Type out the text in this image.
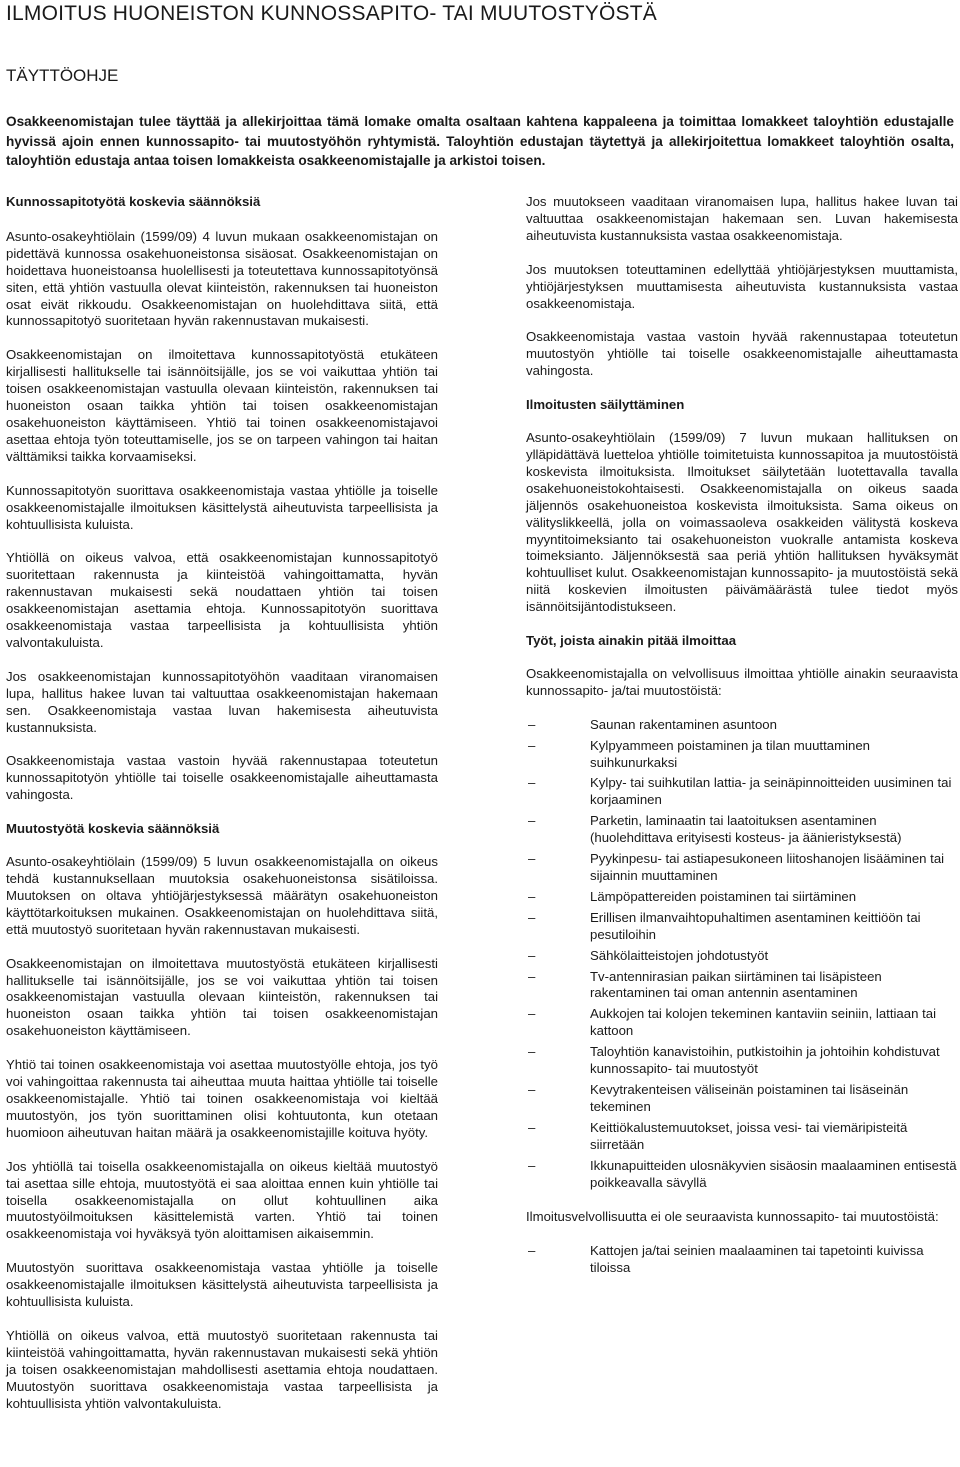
ILMOITUS HUONEISTON KUNNOSSAPITO- TAI MUUTOSTYÖSTÄ
TÄYTTÖOHJE

Osakkeenomistajan tulee täyttää ja allekirjoittaa tämä lomake omalta osaltaan kahtena kappaleena ja toimittaa lomakkeet taloyhtiön edustajalle hyvissä ajoin ennen kunnossapito- tai muutostyöhön ryhtymistä. Taloyhtiön edustajan täytettyä ja allekirjoitettua lomakkeet taloyhtiön osalta, taloyhtiön edustaja antaa toisen lomakkeista osakkeenomistajalle ja arkistoi toisen.

Kunnossapitotyötä koskevia säännöksiä

Asunto-osakeyhtiölain (1599/09) 4 luvun mukaan osakkeenomistajan on pidettävä kunnossa osakehuoneistonsa sisäosat. Osakkeenomistajan on hoidettava huoneistoansa huolellisesti ja toteutettava kunnossapitotyönsä siten, että yhtiön vastuulla olevat kiinteistön, rakennuksen tai huoneiston osat eivät rikkoudu. Osakkeenomistajan on huolehdittava siitä, että kunnossapitotyö suoritetaan hyvän rakennustavan mukaisesti.

Osakkeenomistajan on ilmoitettava kunnossapitotyöstä etukäteen kirjallisesti hallitukselle tai isännöitsijälle, jos se voi vaikuttaa yhtiön tai toisen osakkeenomistajan vastuulla olevaan kiinteistön, rakennuksen tai huoneiston osaan taikka yhtiön tai toisen osakkeenomistajan osakehuoneiston käyttämiseen. Yhtiö tai toinen osakkeenomistajavoi asettaa ehtoja työn toteuttamiselle, jos se on tarpeen vahingon tai haitan välttämiksi taikka korvaamiseksi.

Kunnossapitotyön suorittava osakkeenomistaja vastaa yhtiölle ja toiselle osakkeenomistajalle ilmoituksen käsittelystä aiheutuvista tarpeellisista ja kohtuullisista kuluista.

Yhtiöllä on oikeus valvoa, että osakkeenomistajan kunnossapitotyö suoritettaan rakennusta ja kiinteistöä vahingoittamatta, hyvän rakennustavan mukaisesti sekä noudattaen yhtiön tai toisen osakkeenomistajan asettamia ehtoja. Kunnossapitotyön suorittava osakkeenomistaja vastaa tarpeellisista ja kohtuullisista yhtiön valvontakuluista.

Jos osakkeenomistajan kunnossapitotyöhön vaaditaan viranomaisen lupa, hallitus hakee luvan tai valtuuttaa osakkeenomistajan hakemaan sen. Osakkeenomistaja vastaa luvan hakemisesta aiheutuvista kustannuksista.

Osakkeenomistaja vastaa vastoin hyvää rakennustapaa toteutetun kunnossapitotyön yhtiölle tai toiselle osakkeenomistajalle aiheuttamasta vahingosta.

Muutostyötä koskevia säännöksiä

Asunto-osakeyhtiölain (1599/09) 5 luvun osakkeenomistajalla on oikeus tehdä kustannuksellaan muutoksia osakehuoneistonsa sisätiloissa. Muutoksen on oltava yhtiöjärjestyksessä määrätyn osakehuoneiston käyttötarkoituksen mukainen. Osakkeenomistajan on huolehdittava siitä, että muutostyö suoritetaan hyvän rakennustavan mukaisesti.

Osakkeenomistajan on ilmoitettava muutostyöstä etukäteen kirjallisesti hallitukselle tai isännöitsijälle, jos se voi vaikuttaa yhtiön tai toisen osakkeenomistajan vastuulla olevaan kiinteistön, rakennuksen tai huoneiston osaan taikka yhtiön tai toisen osakkeenomistajan osakehuoneiston käyttämiseen.

Yhtiö tai toinen osakkeenomistaja voi asettaa muutostyölle ehtoja, jos työ voi vahingoittaa rakennusta tai aiheuttaa muuta haittaa yhtiölle tai toiselle osakkeenomistajalle. Yhtiö tai toinen osakkeenomistaja voi kieltää muutostyön, jos työn suorittaminen olisi kohtuutonta, kun otetaan huomioon aiheutuvan haitan määrä ja osakkeenomistajille koituva hyöty.

Jos yhtiöllä tai toisella osakkeenomistajalla on oikeus kieltää muutostyö tai asettaa sille ehtoja, muutostyötä ei saa aloittaa ennen kuin yhtiölle tai toisella osakkeenomistajalla on ollut kohtuullinen aika muutostyöilmoituksen käsittelemistä varten. Yhtiö tai toinen osakkeenomistaja voi hyväksyä työn aloittamisen aikaisemmin.

Muutostyön suorittava osakkeenomistaja vastaa yhtiölle ja toiselle osakkeenomistajalle ilmoituksen käsittelystä aiheutuvista tarpeellisista ja kohtuullisista kuluista.

Yhtiöllä on oikeus valvoa, että muutostyö suoritetaan rakennusta tai kiinteistöä vahingoittamatta, hyvän rakennustavan mukaisesti sekä yhtiön ja toisen osakkeenomistajan mahdollisesti asettamia ehtoja noudattaen. Muutostyön suorittava osakkeenomistaja vastaa tarpeellisista ja kohtuullisista yhtiön valvontakuluista.

Jos muutokseen vaaditaan viranomaisen lupa, hallitus hakee luvan tai valtuuttaa osakkeenomistajan hakemaan sen. Luvan hakemisesta aiheutuvista kustannuksista vastaa osakkeenomistaja.

Jos muutoksen toteuttaminen edellyttää yhtiöjärjestyksen muuttamista, yhtiöjärjestyksen muuttamisesta aiheutuvista kustannuksista vastaa osakkeenomistaja.

Osakkeenomistaja vastaa vastoin hyvää rakennustapaa toteutetun muutostyön yhtiölle tai toiselle osakkeenomistajalle aiheuttamasta vahingosta.

Ilmoitusten säilyttäminen

Asunto-osakeyhtiölain (1599/09) 7 luvun mukaan hallituksen on ylläpidättävä luetteloa yhtiölle toimitetuista kunnossapitoa ja muutostöistä koskevista ilmoituksista. Ilmoitukset säilytetään luotettavalla tavalla osakehuoneistokohtaisesti. Osakkeenomistajalla on oikeus saada jäljennös osakehuoneistoa koskevista ilmoituksista. Sama oikeus on välityslikkeellä, jolla on voimassaoleva osakkeiden välitystä koskeva myyntitoimeksianto tai osakehuoneiston vuokralle antamista koskeva toimeksianto. Jäljennöksestä saa periä yhtiön hallituksen hyväksymät kohtuulliset kulut. Osakkeenomistajan kunnossapito- ja muutostöistä sekä niitä koskevien ilmoitusten päivämäärästä tulee tiedot myös isännöitsijäntodistukseen.

Työt, joista ainakin pitää ilmoittaa

Osakkeenomistajalla on velvollisuus ilmoittaa yhtiölle ainakin seuraavista kunnossapito- ja/tai muutostöistä:

– Saunan rakentaminen asuntoon
– Kylpyammeen poistaminen ja tilan muuttaminen suihkunurkaksi
– Kylpy- tai suihkutilan lattia- ja seinäpinnoitteiden uusiminen tai korjaaminen
– Parketin, laminaatin tai laatoituksen asentaminen (huolehdittava erityisesti kosteus- ja äänieristyksestä)
– Pyykinpesu- tai astiapesukoneen liitoshanojen lisääminen tai sijainnin muuttaminen
– Lämpöpattereiden poistaminen tai siirtäminen
– Erillisen ilmanvaihtopuhaltimen asentaminen keittiöön tai pesutiloihin
– Sähkölaitteistojen johdotustyöt
– Tv-antennirasian paikan siirtäminen tai lisäpisteen rakentaminen tai oman antennin asentaminen
– Aukkojen tai kolojen tekeminen kantaviin seiniin, lattiaan tai kattoon
– Taloyhtiön kanavistoihin, putkistoihin ja johtoihin kohdistuvat kunnossapito- tai muutostyöt
– Kevytrakenteisen väliseinän poistaminen tai lisäseinän tekeminen
– Keittiökalustemuutokset, joissa vesi- tai viemäripisteitä siirretään
– Ikkunapuitteiden ulosnäkyvien sisäosin maalaaminen entisestä poikkeavalla sävyllä

Ilmoitusvelvollisuutta ei ole seuraavista kunnossapito- tai muutostöistä:

– Kattojen ja/tai seinien maalaaminen tai tapetointi kuivissa tiloissa
